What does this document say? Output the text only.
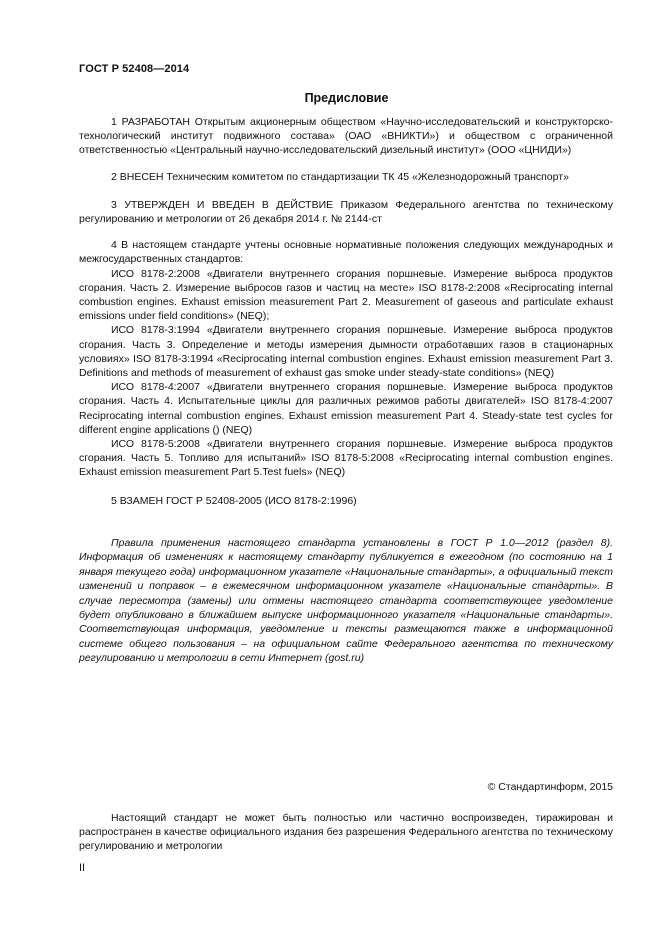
ГОСТ Р 52408—2014
Предисловие

1 РАЗРАБОТАН Открытым акционерным обществом «Научно-исследовательский и конструкторско-технологический институт подвижного состава» (ОАО «ВНИКТИ») и обществом с ограниченной ответственностью «Центральный научно-исследовательский дизельный институт» (ООО «ЦНИДИ»)

2 ВНЕСЕН Техническим комитетом по стандартизации ТК 45 «Железнодорожный транспорт»

3 УТВЕРЖДЕН И ВВЕДЕН В ДЕЙСТВИЕ Приказом Федерального агентства по техническому регулированию и метрологии от 26 декабря 2014 г. № 2144-ст

4 В настоящем стандарте учтены основные нормативные положения следующих международных и межгосударственных стандартов:

ИСО 8178-2:2008 «Двигатели внутреннего сгорания поршневые. Измерение выброса продуктов сгорания. Часть 2. Измерение выбросов газов и частиц на месте» ISO 8178-2:2008 «Reciprocating internal combustion engines. Exhaust emission measurement Part 2. Measurement of gaseous and particulate exhaust emissions under field conditions» (NEQ);

ИСО 8178-3:1994 «Двигатели внутреннего сгорания поршневые. Измерение выброса продуктов сгорания. Часть 3. Определение и методы измерения дымности отработавших газов в стационарных условиях» ISO 8178-3:1994 «Reciprocating internal combustion engines. Exhaust emission measurement Part 3. Definitions and methods of measurement of exhaust gas smoke under steady-state conditions» (NEQ)

ИСО 8178-4:2007 «Двигатели внутреннего сгорания поршневые. Измерение выброса продуктов сгорания. Часть 4. Испытательные циклы для различных режимов работы двигателей» ISO 8178-4:2007 Reciprocating internal combustion engines. Exhaust emission measurement Part 4. Steady-state test cycles for different engine applications () (NEQ)

ИСО 8178-5:2008 «Двигатели внутреннего сгорания поршневые. Измерение выброса продуктов сгорания. Часть 5. Топливо для испытаний» ISO 8178-5:2008 «Reciprocating internal combustion engines. Exhaust emission measurement Part 5.Test fuels» (NEQ)

5 ВЗАМЕН ГОСТ Р 52408-2005 (ИСО 8178-2:1996)

Правила применения настоящего стандарта установлены в ГОСТ Р 1.0—2012 (раздел 8). Информация об изменениях к настоящему стандарту публикуется в ежегодном (по состоянию на 1 января текущего года) информационном указателе «Национальные стандарты», а официальный текст изменений и поправок – в ежемесячном информационном указателе «Национальные стандарты». В случае пересмотра (замены) или отмены настоящего стандарта соответствующее уведомление будет опубликовано в ближайшем выпуске информационного указателя «Национальные стандарты». Соответствующая информация, уведомление и тексты размещаются также в информационной системе общего пользования – на официальном сайте Федерального агентства по техническому регулированию и метрологии в сети Интернет (gost.ru)

© Стандартинформ, 2015

Настоящий стандарт не может быть полностью или частично воспроизведен, тиражирован и распространен в качестве официального издания без разрешения Федерального агентства по техническому регулированию и метрологии

II
